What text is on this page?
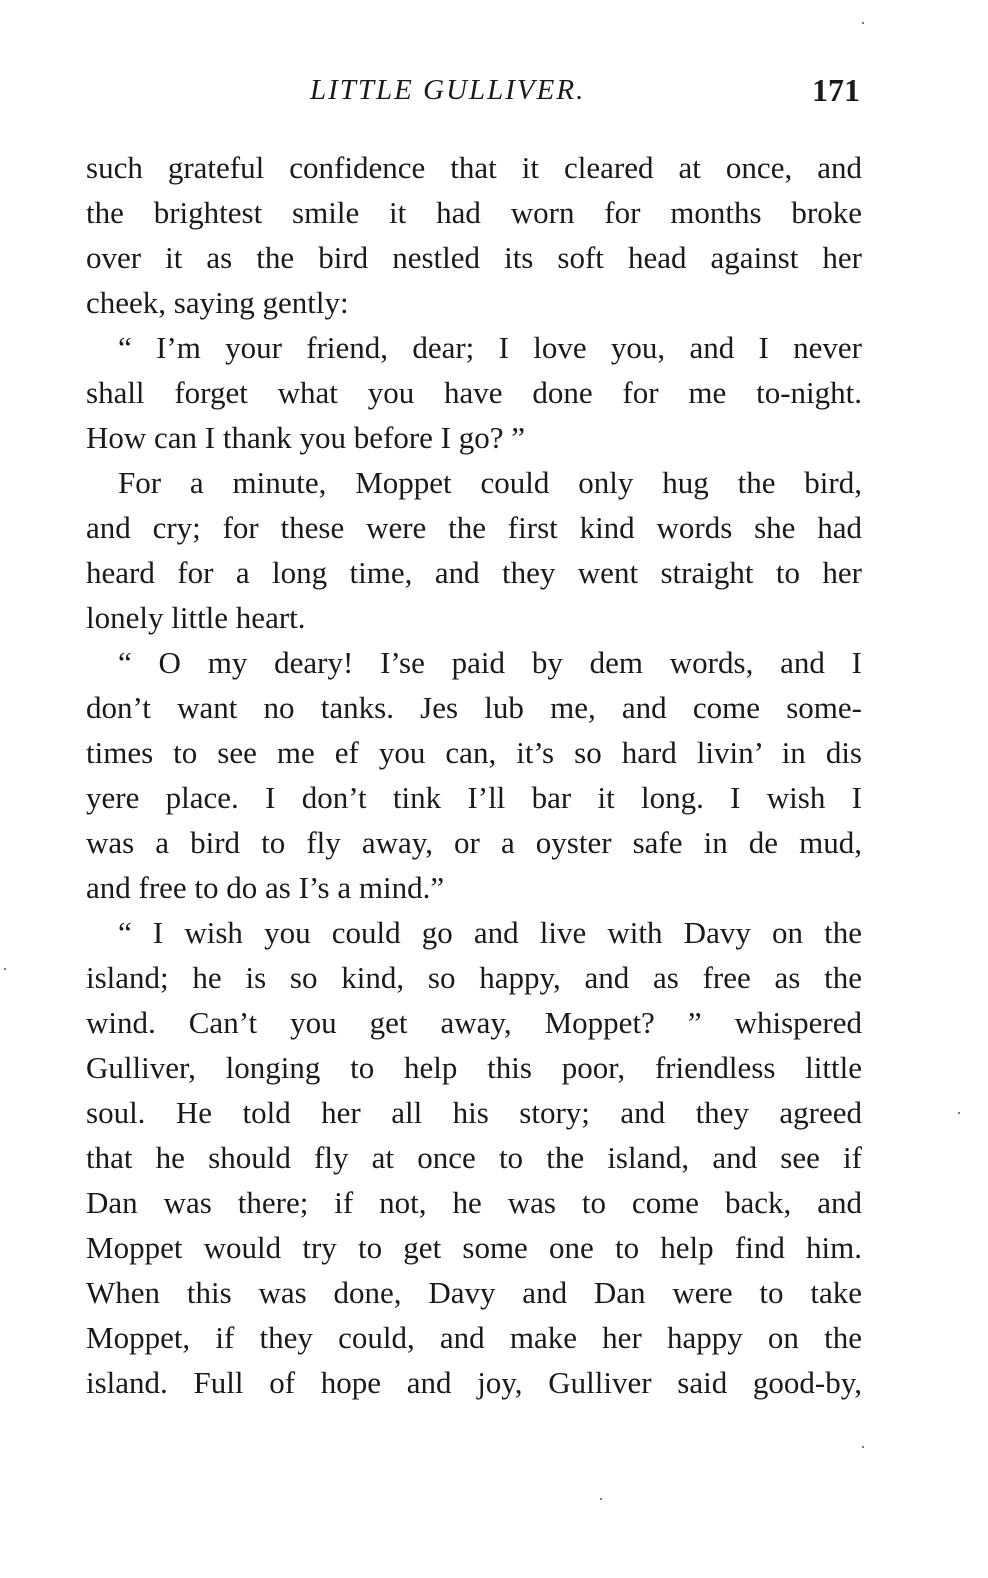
LITTLE GULLIVER.	171
such grateful confidence that it cleared at once, and
the brightest smile it had worn for months broke
over it as the bird nestled its soft head against her
cheek, saying gently:
“ I’m your friend, dear; I love you, and I never
shall forget what you have done for me to-night.
How can I thank you before I go? ”
For a minute, Moppet could only hug the bird,
and cry; for these were the first kind words she had
heard for a long time, and they went straight to her
lonely little heart.
“ O my deary! I’se paid by dem words, and I
don’t want no tanks. Jes lub me, and come some-
times to see me ef you can, it’s so hard livin’ in dis
yere place. I don’t tink I’ll bar it long. I wish I
was a bird to fly away, or a oyster safe in de mud,
and free to do as I’s a mind.”
“ I wish you could go and live with Davy on the
island; he is so kind, so happy, and as free as the
wind. Can’t you get away, Moppet? ” whispered
Gulliver, longing to help this poor, friendless little
soul. He told her all his story; and they agreed
that he should fly at once to the island, and see if
Dan was there; if not, he was to come back, and
Moppet would try to get some one to help find him.
When this was done, Davy and Dan were to take
Moppet, if they could, and make her happy on the
island. Full of hope and joy, Gulliver said good-by,
